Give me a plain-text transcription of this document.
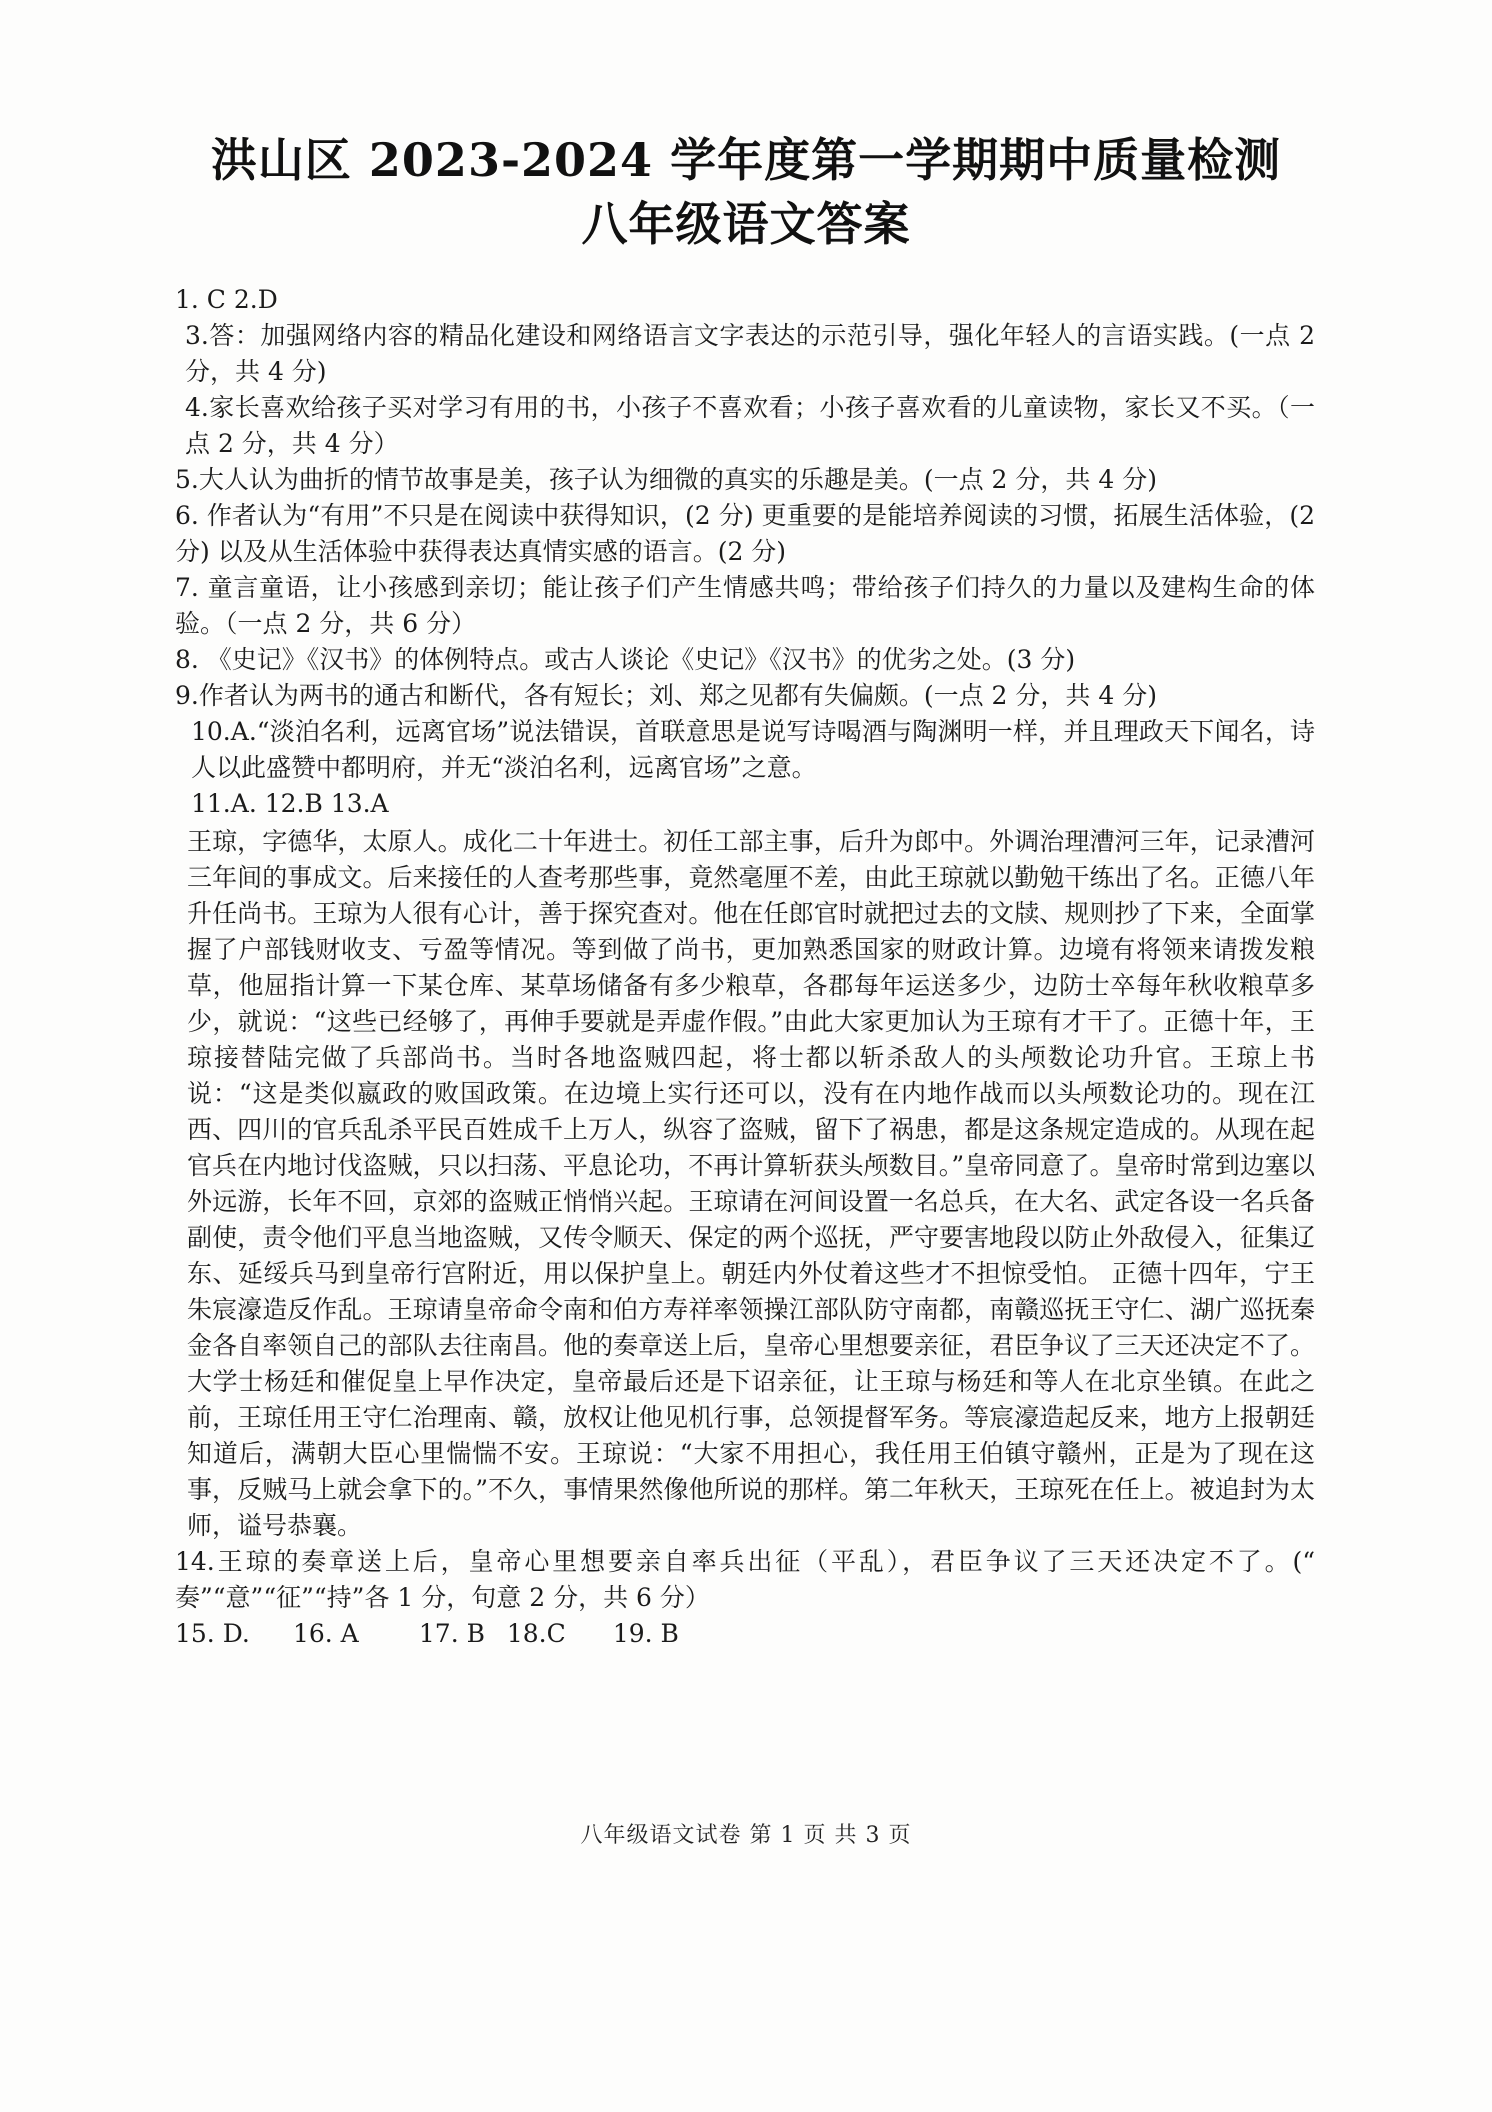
洪山区 2023-2024 学年度第一学期期中质量检测
八年级语文答案

1. C 2.D

3.答：加强网络内容的精品化建设和网络语言文字表达的示范引导，强化年轻人的言语实践。(一点 2 分，共 4 分)

4.家长喜欢给孩子买对学习有用的书，小孩子不喜欢看；小孩子喜欢看的儿童读物，家长又不买。（一点 2 分，共 4 分）

5.大人认为曲折的情节故事是美，孩子认为细微的真实的乐趣是美。(一点 2 分，共 4 分)

6. 作者认为“有用”不只是在阅读中获得知识，(2 分) 更重要的是能培养阅读的习惯，拓展生活体验，(2 分) 以及从生活体验中获得表达真情实感的语言。(2 分)

7. 童言童语，让小孩感到亲切；能让孩子们产生情感共鸣；带给孩子们持久的力量以及建构生命的体验。（一点 2 分，共 6 分）

8. 《史记》《汉书》的体例特点。或古人谈论《史记》《汉书》的优劣之处。(3 分)

9.作者认为两书的通古和断代，各有短长；刘、郑之见都有失偏颇。(一点 2 分，共 4 分)

10.A.“淡泊名利，远离官场”说法错误，首联意思是说写诗喝酒与陶渊明一样，并且理政天下闻名，诗人以此盛赞中都明府，并无“淡泊名利，远离官场”之意。

11.A. 12.B 13.A

王琼，字德华，太原人。成化二十年进士。初任工部主事，后升为郎中。外调治理漕河三年，记录漕河三年间的事成文。后来接任的人查考那些事，竟然毫厘不差，由此王琼就以勤勉干练出了名。正德八年升任尚书。王琼为人很有心计，善于探究查对。他在任郎官时就把过去的文牍、规则抄了下来，全面掌握了户部钱财收支、亏盈等情况。等到做了尚书，更加熟悉国家的财政计算。边境有将领来请拨发粮草，他屈指计算一下某仓库、某草场储备有多少粮草，各郡每年运送多少，边防士卒每年秋收粮草多少，就说：“这些已经够了，再伸手要就是弄虚作假。”由此大家更加认为王琼有才干了。正德十年，王琼接替陆完做了兵部尚书。当时各地盗贼四起，将士都以斩杀敌人的头颅数论功升官。王琼上书说：“这是类似嬴政的败国政策。在边境上实行还可以，没有在内地作战而以头颅数论功的。现在江西、四川的官兵乱杀平民百姓成千上万人，纵容了盗贼，留下了祸患，都是这条规定造成的。从现在起官兵在内地讨伐盗贼，只以扫荡、平息论功，不再计算斩获头颅数目。”皇帝同意了。皇帝时常到边塞以外远游，长年不回，京郊的盗贼正悄悄兴起。王琼请在河间设置一名总兵，在大名、武定各设一名兵备副使，责令他们平息当地盗贼，又传令顺天、保定的两个巡抚，严守要害地段以防止外敌侵入，征集辽东、延绥兵马到皇帝行宫附近，用以保护皇上。朝廷内外仗着这些才不担惊受怕。 正德十四年，宁王朱宸濠造反作乱。王琼请皇帝命令南和伯方寿祥率领操江部队防守南都，南赣巡抚王守仁、湖广巡抚秦金各自率领自己的部队去往南昌。他的奏章送上后，皇帝心里想要亲征，君臣争议了三天还决定不了。大学士杨廷和催促皇上早作决定，皇帝最后还是下诏亲征，让王琼与杨廷和等人在北京坐镇。在此之前，王琼任用王守仁治理南、赣，放权让他见机行事，总领提督军务。等宸濠造起反来，地方上报朝廷知道后，满朝大臣心里惴惴不安。王琼说：“大家不用担心，我任用王伯镇守赣州，正是为了现在这事，反贼马上就会拿下的。”不久，事情果然像他所说的那样。第二年秋天，王琼死在任上。被追封为太师，谥号恭襄。

14.王琼的奏章送上后，皇帝心里想要亲自率兵出征（平乱），君臣争议了三天还决定不了。(“ 奏”“意”“征”“持”各 1 分，句意 2 分，共 6 分）

15. D. 16. A 17. B 18.C 19. B

八年级语文试卷 第 1 页 共 3 页
